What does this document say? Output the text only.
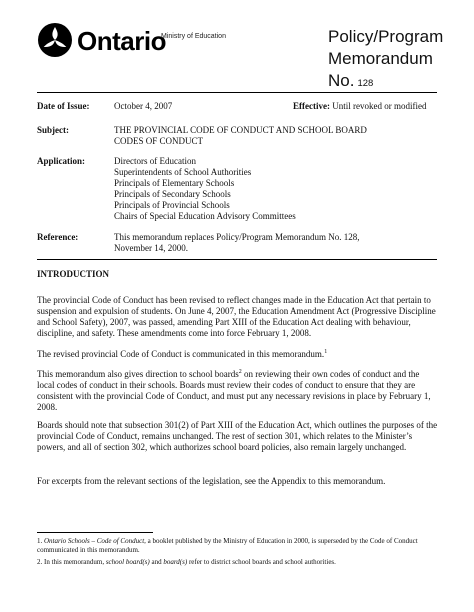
Ontario
Ministry of Education	Policy/Program
Memorandum
No. 128
Date of Issue:	October 4, 2007	Effective: Until revoked or modified
Subject:	THE PROVINCIAL CODE OF CONDUCT AND SCHOOL BOARD
CODES OF CONDUCT
Application:	Directors of Education
Superintendents of School Authorities
Principals of Elementary Schools
Principals of Secondary Schools
Principals of Provincial Schools
Chairs of Special Education Advisory Committees
Reference:	This memorandum replaces Policy/Program Memorandum No. 128,
November 14, 2000.
INTRODUCTION
The provincial Code of Conduct has been revised to reflect changes made in the Education Act that pertain to suspension and expulsion of students. On June 4, 2007, the Education Amendment Act (Progressive Discipline and School Safety), 2007, was passed, amending Part XIII of the Education Act dealing with behaviour, discipline, and safety. These amendments come into force February 1, 2008.
The revised provincial Code of Conduct is communicated in this memorandum.$^1$
This memorandum also gives direction to school boards$^2$ on reviewing their own codes of conduct and the local codes of conduct in their schools. Boards must review their codes of conduct to ensure that they are consistent with the provincial Code of Conduct, and must put any necessary revisions in place by February 1, 2008.
Boards should note that subsection 301(2) of Part XIII of the Education Act, which outlines the purposes of the provincial Code of Conduct, remains unchanged. The rest of section 301, which relates to the Minister’s powers, and all of section 302, which authorizes school board policies, also remain largely unchanged.
For excerpts from the relevant sections of the legislation, see the Appendix to this memorandum.
1. Ontario Schools – Code of Conduct, a booklet published by the Ministry of Education in 2000, is superseded by the Code of Conduct communicated in this memorandum.
2. In this memorandum, school board(s) and board(s) refer to district school boards and school authorities.
